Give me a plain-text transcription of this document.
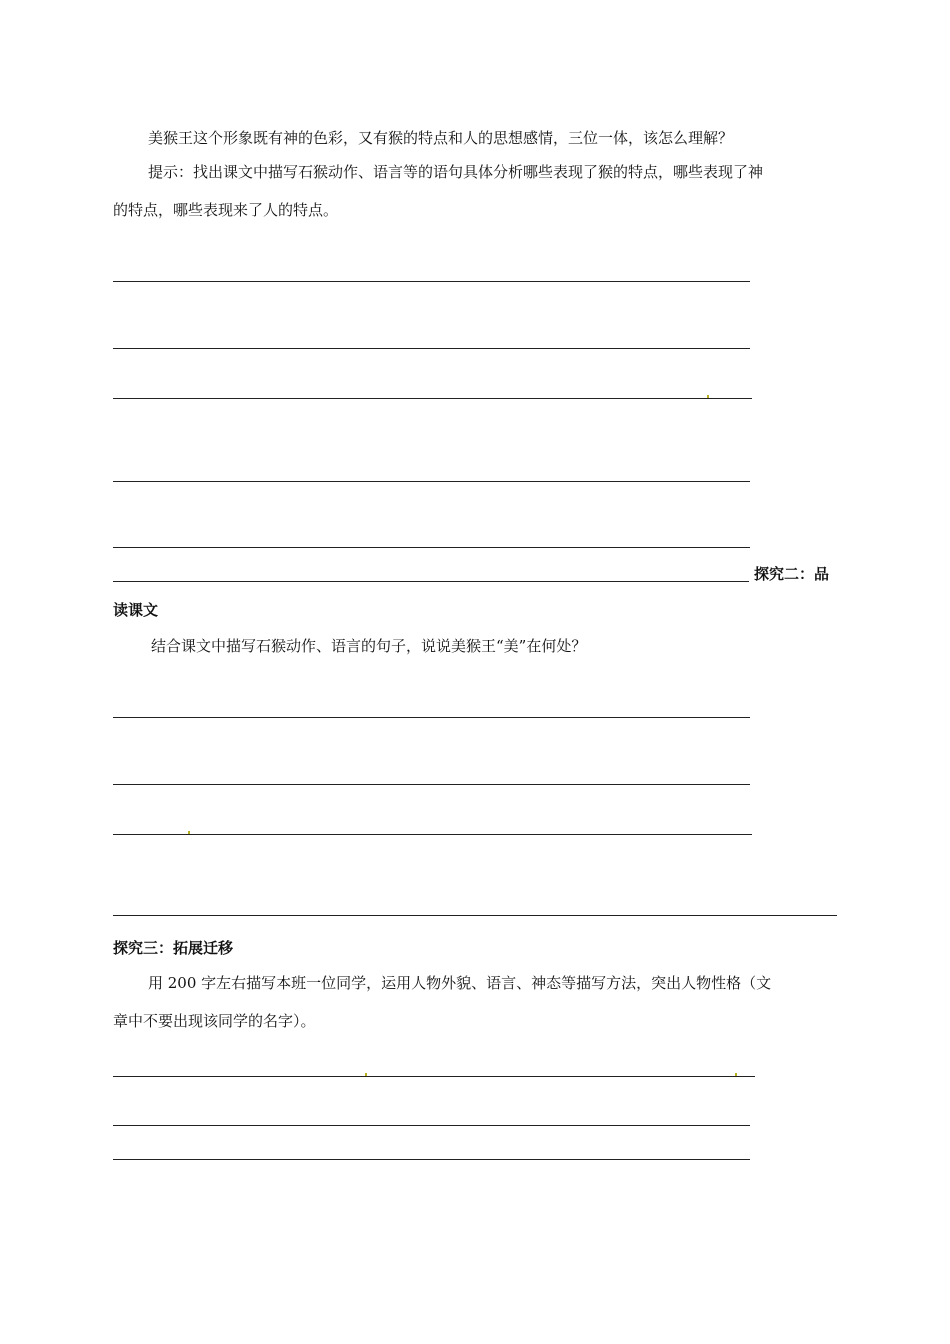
美猴王这个形象既有神的色彩，又有猴的特点和人的思想感情，三位一体，该怎么理解？
提示：找出课文中描写石猴动作、语言等的语句具体分析哪些表现了猴的特点，哪些表现了神
的特点，哪些表现来了人的特点。
探究二：品
读课文
结合课文中描写石猴动作、语言的句子，说说美猴王“美”在何处？
探究三：拓展迁移
用 200 字左右描写本班一位同学，运用人物外貌、语言、神态等描写方法，突出人物性格（文
章中不要出现该同学的名字）。
